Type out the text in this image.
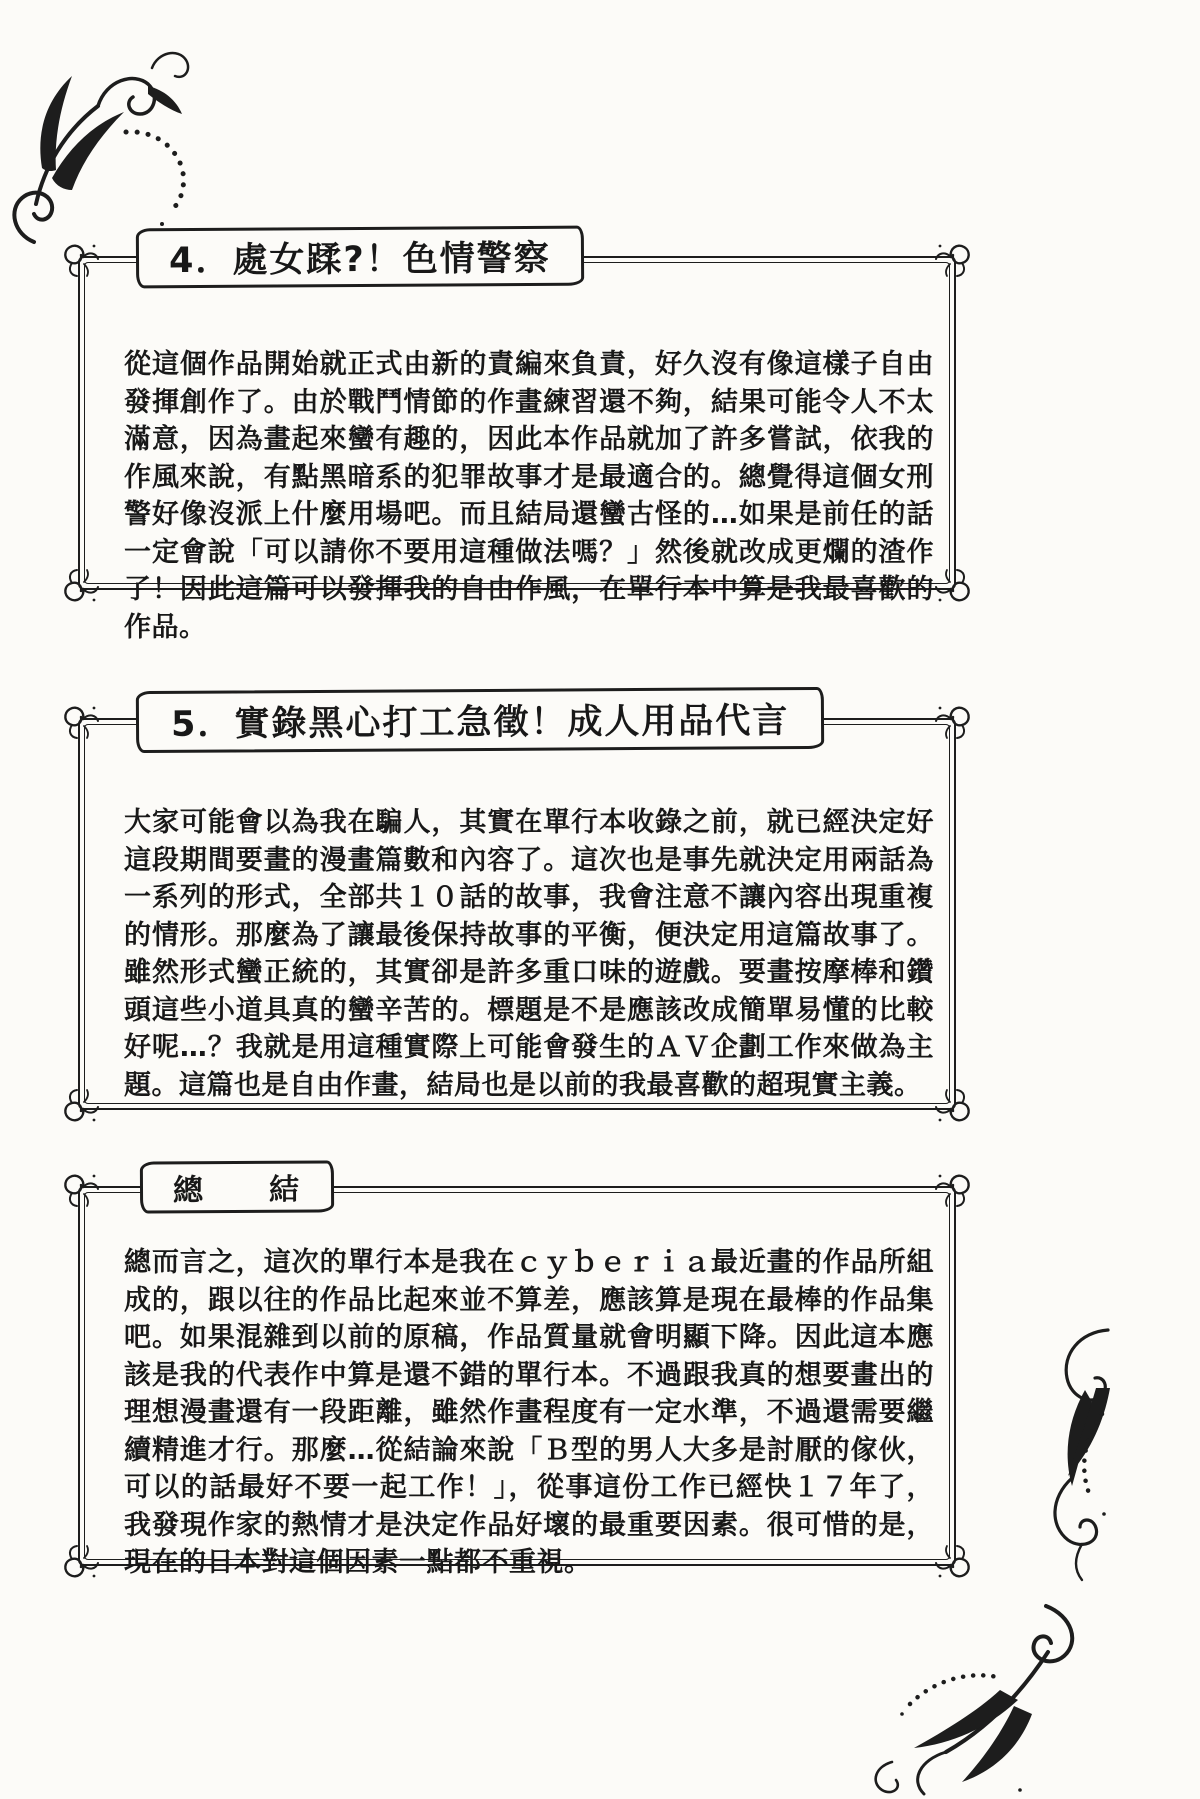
4．處女蹂?！色情警察
從這個作品開始就正式由新的責編來負責，好久沒有像這樣子自由發揮創作了。由於戰鬥情節的作畫練習還不夠，結果可能令人不太滿意，因為畫起來蠻有趣的，因此本作品就加了許多嘗試，依我的作風來說，有點黑暗系的犯罪故事才是最適合的。總覺得這個女刑警好像沒派上什麼用場吧。而且結局還蠻古怪的…如果是前任的話一定會說「可以請你不要用這種做法嗎？」然後就改成更爛的渣作了！因此這篇可以發揮我的自由作風，在單行本中算是我最喜歡的作品。
5．實錄黑心打工急徵！成人用品代言
大家可能會以為我在騙人，其實在單行本收錄之前，就已經決定好這段期間要畫的漫畫篇數和內容了。這次也是事先就決定用兩話為一系列的形式，全部共１０話的故事，我會注意不讓內容出現重複的情形。那麼為了讓最後保持故事的平衡，便決定用這篇故事了。雖然形式蠻正統的，其實卻是許多重口味的遊戲。要畫按摩棒和鑽頭這些小道具真的蠻辛苦的。標題是不是應該改成簡單易懂的比較好呢…？我就是用這種實際上可能會發生的ＡＶ企劃工作來做為主題。這篇也是自由作畫，結局也是以前的我最喜歡的超現實主義。
總　　結
總而言之，這次的單行本是我在ｃｙｂｅｒｉａ最近畫的作品所組成的，跟以往的作品比起來並不算差，應該算是現在最棒的作品集吧。如果混雜到以前的原稿，作品質量就會明顯下降。因此這本應該是我的代表作中算是還不錯的單行本。不過跟我真的想要畫出的理想漫畫還有一段距離，雖然作畫程度有一定水準，不過還需要繼續精進才行。那麼…從結論來說「Ｂ型的男人大多是討厭的傢伙，可以的話最好不要一起工作！」，從事這份工作已經快１７年了，我發現作家的熱情才是決定作品好壞的最重要因素。很可惜的是，現在的日本對這個因素一點都不重視。
